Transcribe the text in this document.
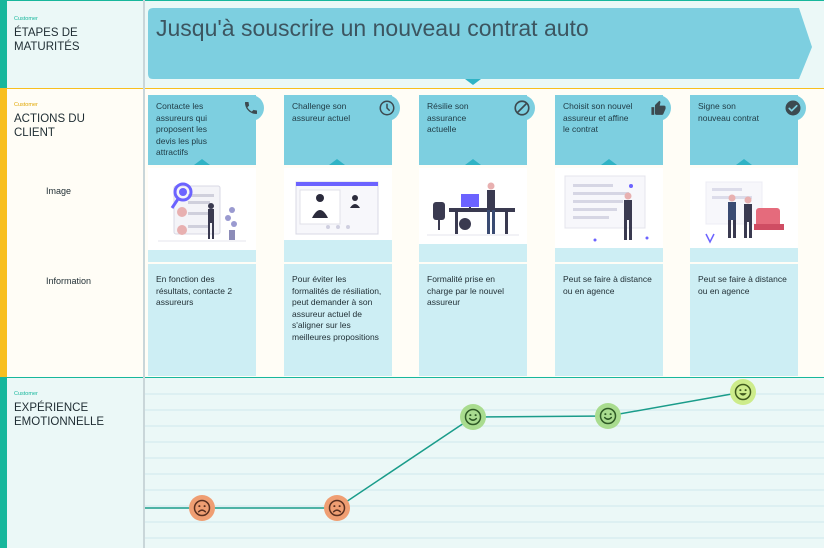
Customer
ÉTAPES DE
MATURITÉS
Customer
ACTIONS DU
CLIENT
Image
Information
Customer
EXPÉRIENCE
EMOTIONNELLE
Jusqu'à souscrire un nouveau contrat auto
Contacte les assureurs qui proposent les devis les plus attractifs
Challenge son assureur actuel
Résilie son assurance actuelle
Choisit son nouvel assureur et affine le contrat
Signe son nouveau contrat
En fonction des résultats, contacte 2 assureurs
Pour éviter les formalités de résiliation, peut demander à son assureur actuel de s'aligner sur les meilleures propositions
Formalité prise en charge par le nouvel assureur
Peut se faire à distance ou en agence
Peut se faire à distance ou en agence
